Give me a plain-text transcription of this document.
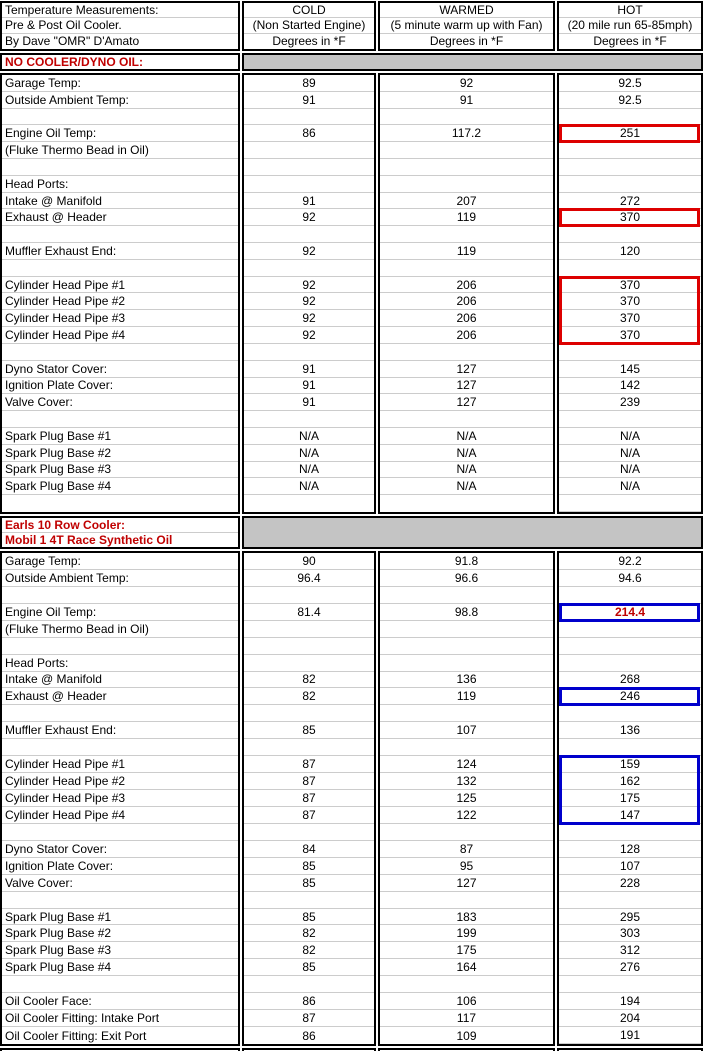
Temperature Measurements:
Pre & Post Oil Cooler.
By Dave "OMR" D'Amato
COLD
(Non Started Engine)
Degrees in *F
WARMED
(5 minute warm up with Fan)
Degrees in *F
HOT
(20 mile run 65-85mph)
Degrees in *F
NO COOLER/DYNO OIL:
Garage Temp:
Outside Ambient Temp:
Engine Oil Temp:
(Fluke Thermo Bead in Oil)
Head Ports:
Intake @ Manifold
Exhaust @ Header
Muffler Exhaust End:
Cylinder Head Pipe #1
Cylinder Head Pipe #2
Cylinder Head Pipe #3
Cylinder Head Pipe #4
Dyno Stator Cover:
Ignition Plate Cover:
Valve Cover:
Spark Plug Base #1
Spark Plug Base #2
Spark Plug Base #3
Spark Plug Base #4
89
91
86
91
92
92
92
92
92
92
91
91
91
N/A
N/A
N/A
N/A
92
91
117.2
207
119
119
206
206
206
206
127
127
127
N/A
N/A
N/A
N/A
92.5
92.5
251
272
370
120
370
370
370
370
145
142
239
N/A
N/A
N/A
N/A
Earls 10 Row Cooler:
Mobil 1 4T Race Synthetic Oil
Garage Temp:
Outside Ambient Temp:
Engine Oil Temp:
(Fluke Thermo Bead in Oil)
Head Ports:
Intake @ Manifold
Exhaust @ Header
Muffler Exhaust End:
Cylinder Head Pipe #1
Cylinder Head Pipe #2
Cylinder Head Pipe #3
Cylinder Head Pipe #4
Dyno Stator Cover:
Ignition Plate Cover:
Valve Cover:
Spark Plug Base #1
Spark Plug Base #2
Spark Plug Base #3
Spark Plug Base #4
Oil Cooler Face:
Oil Cooler Fitting: Intake Port
Oil Cooler Fitting: Exit Port
90
96.4
81.4
82
82
85
87
87
87
87
84
85
85
85
82
82
85
86
87
86
91.8
96.6
98.8
136
119
107
124
132
125
122
87
95
127
183
199
175
164
106
117
109
92.2
94.6
214.4
268
246
136
159
162
175
147
128
107
228
295
303
312
276
194
204
191
